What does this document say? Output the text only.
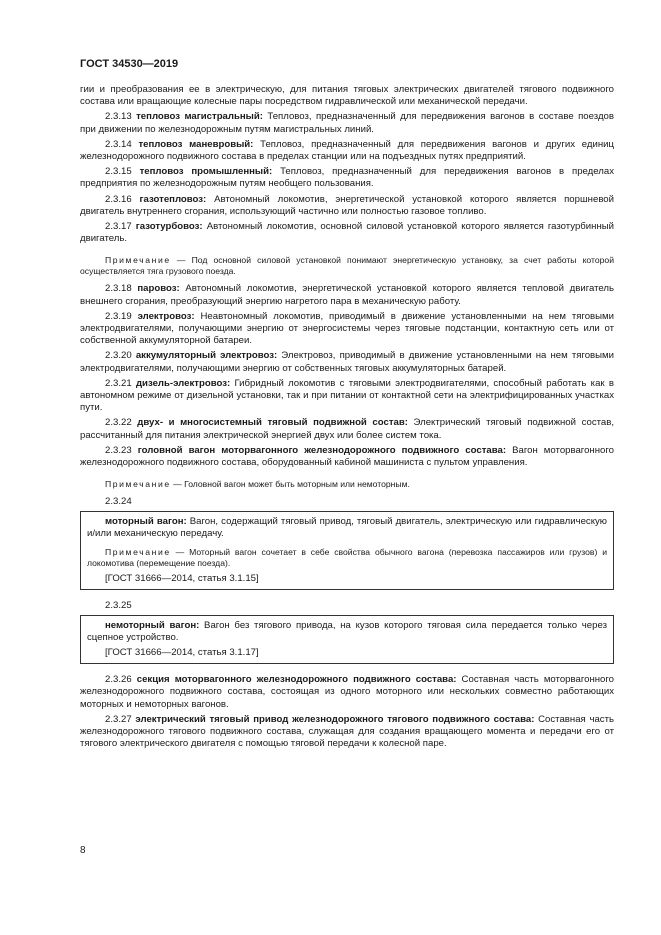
ГОСТ 34530—2019

гии и преобразования ее в электрическую, для питания тяговых электрических двигателей тягового подвижного состава или вращающие колесные пары посредством гидравлической или механической передачи.

2.3.13 тепловоз магистральный: Тепловоз, предназначенный для передвижения вагонов в составе поездов при движении по железнодорожным путям магистральных линий.

2.3.14 тепловоз маневровый: Тепловоз, предназначенный для передвижения вагонов и других единиц железнодорожного подвижного состава в пределах станции или на подъездных путях предприятий.

2.3.15 тепловоз промышленный: Тепловоз, предназначенный для передвижения вагонов в пределах предприятия по железнодорожным путям необщего пользования.

2.3.16 газотепловоз: Автономный локомотив, энергетической установкой которого является поршневой двигатель внутреннего сгорания, использующий частично или полностью газовое топливо.

2.3.17 газотурбовоз: Автономный локомотив, основной силовой установкой которого является газотурбинный двигатель.

Примечание — Под основной силовой установкой понимают энергетическую установку, за счет работы которой осуществляется тяга грузового поезда.

2.3.18 паровоз: Автономный локомотив, энергетической установкой которого является тепловой двигатель внешнего сгорания, преобразующий энергию нагретого пара в механическую работу.

2.3.19 электровоз: Неавтономный локомотив, приводимый в движение установленными на нем тяговыми электродвигателями, получающими энергию от энергосистемы через тяговые подстанции, контактную сеть или от собственной аккумуляторной батареи.

2.3.20 аккумуляторный электровоз: Электровоз, приводимый в движение установленными на нем тяговыми электродвигателями, получающими энергию от собственных тяговых аккумуляторных батарей.

2.3.21 дизель-электровоз: Гибридный локомотив с тяговыми электродвигателями, способный работать как в автономном режиме от дизельной установки, так и при питании от контактной сети на электрифицированных участках пути.

2.3.22 двух- и многосистемный тяговый подвижной состав: Электрический тяговый подвижной состав, рассчитанный для питания электрической энергией двух или более систем тока.

2.3.23 головной вагон моторвагонного железнодорожного подвижного состава: Вагон моторвагонного железнодорожного подвижного состава, оборудованный кабиной машиниста с пультом управления.

Примечание — Головной вагон может быть моторным или немоторным.

2.3.24

моторный вагон: Вагон, содержащий тяговый привод, тяговый двигатель, электрическую или гидравлическую и/или механическую передачу.

Примечание — Моторный вагон сочетает в себе свойства обычного вагона (перевозка пассажиров или грузов) и локомотива (перемещение поезда).

[ГОСТ 31666—2014, статья 3.1.15]
2.3.25

немоторный вагон: Вагон без тягового привода, на кузов которого тяговая сила передается только через сцепное устройство.

[ГОСТ 31666—2014, статья 3.1.17]

2.3.26 секция моторвагонного железнодорожного подвижного состава: Составная часть моторвагонного железнодорожного подвижного состава, состоящая из одного моторного или нескольких совместно работающих моторных и немоторных вагонов.

2.3.27 электрический тяговый привод железнодорожного тягового подвижного состава: Составная часть железнодорожного тягового подвижного состава, служащая для создания вращающего момента и передачи его от тягового электрического двигателя с помощью тяговой передачи к колесной паре.

8
